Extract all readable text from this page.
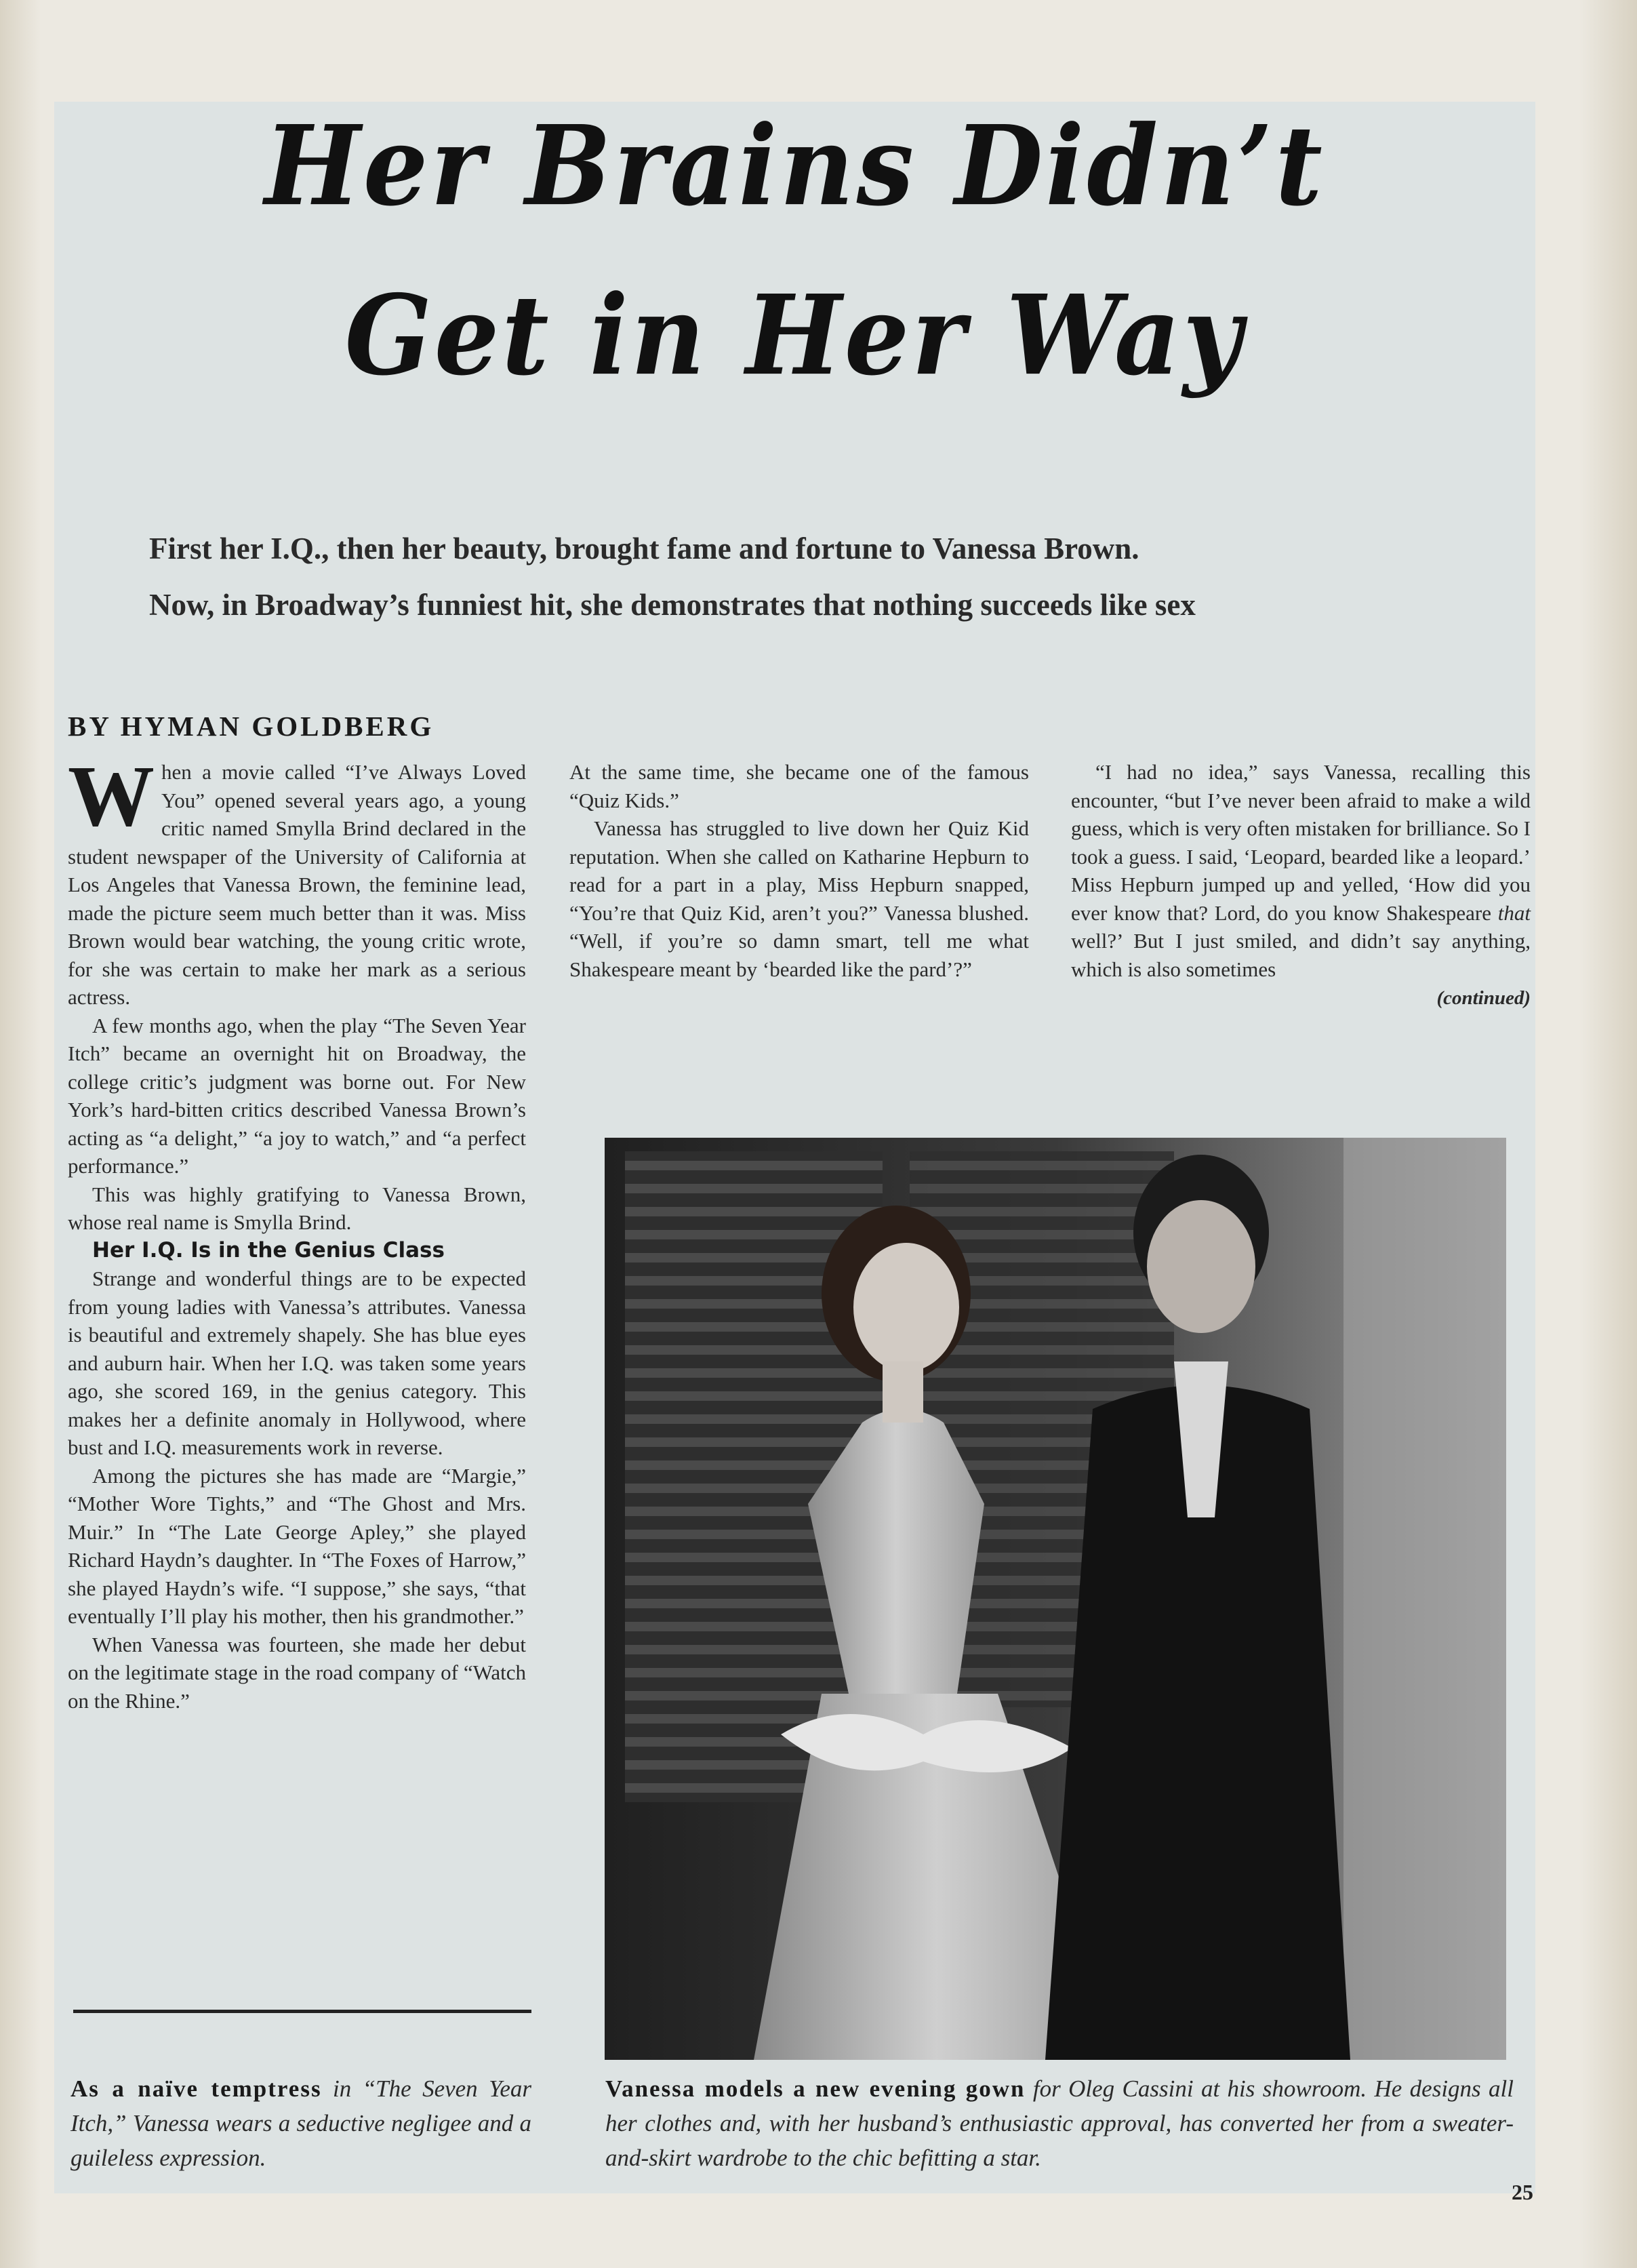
Her Brains Didn’t
Get in Her Way
First her I.Q., then her beauty, brought fame and fortune to Vanessa Brown.
Now, in Broadway’s funniest hit, she demonstrates that nothing succeeds like sex
BY HYMAN GOLDBERG

When a movie called “I’ve Always Loved You” opened several years ago, a young critic named Smylla Brind declared in the student newspaper of the University of California at Los Angeles that Vanessa Brown, the feminine lead, made the picture seem much better than it was. Miss Brown would bear watching, the young critic wrote, for she was certain to make her mark as a serious actress.

A few months ago, when the play “The Seven Year Itch” became an overnight hit on Broadway, the college critic’s judgment was borne out. For New York’s hard-bitten critics described Vanessa Brown’s acting as “a delight,” “a joy to watch,” and “a perfect performance.”

This was highly gratifying to Vanessa Brown, whose real name is Smylla Brind.

Her I.Q. Is in the Genius Class

Strange and wonderful things are to be expected from young ladies with Vanessa’s attributes. Vanessa is beautiful and extremely shapely. She has blue eyes and auburn hair. When her I.Q. was taken some years ago, she scored 169, in the genius category. This makes her a definite anomaly in Hollywood, where bust and I.Q. measurements work in reverse.

Among the pictures she has made are “Margie,” “Mother Wore Tights,” and “The Ghost and Mrs. Muir.” In “The Late George Apley,” she played Richard Haydn’s daughter. In “The Foxes of Harrow,” she played Haydn’s wife. “I suppose,” she says, “that eventually I’ll play his mother, then his grandmother.”

When Vanessa was fourteen, she made her debut on the legitimate stage in the road company of “Watch on the Rhine.”

At the same time, she became one of the famous “Quiz Kids.”

Vanessa has struggled to live down her Quiz Kid reputation. When she called on Katharine Hepburn to read for a part in a play, Miss Hepburn snapped, “You’re that Quiz Kid, aren’t you?” Vanessa blushed. “Well, if you’re so damn smart, tell me what Shakespeare meant by ‘bearded like the pard’?”

“I had no idea,” says Vanessa, recalling this encounter, “but I’ve never been afraid to make a wild guess, which is very often mistaken for brilliance. So I took a guess. I said, ‘Leopard, bearded like a leopard.’ Miss Hepburn jumped up and yelled, ‘How did you ever know that? Lord, do you know Shakespeare that well?’ But I just smiled, and didn’t say anything, which is also sometimes

(continued)
As a naïve temptress in “The Seven Year Itch,” Vanessa wears a seductive negligee and a guileless expression.
Vanessa models a new evening gown for Oleg Cassini at his showroom. He designs all her clothes and, with her husband’s enthusiastic approval, has converted her from a sweater-and-skirt wardrobe to the chic befitting a star.
25
